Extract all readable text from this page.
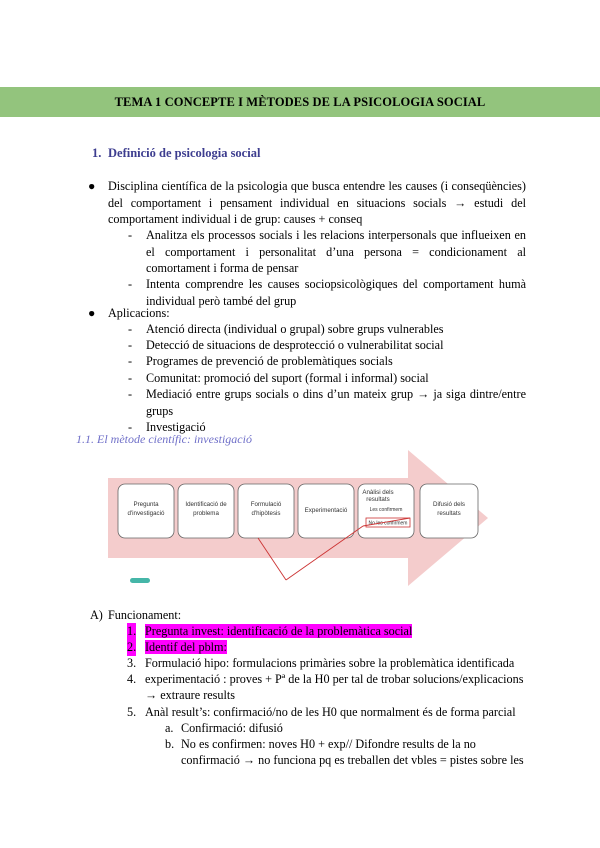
TEMA 1 CONCEPTE I MÈTODES DE LA PSICOLOGIA SOCIAL
1. Definició de psicologia social
● Disciplina científica de la psicologia que busca entendre les causes (i conseqüències) del comportament i pensament individual en situacions socials → estudi del comportament individual i de grup: causes + conseq
- Analitza els processos socials i les relacions interpersonals que influeixen en el comportament i personalitat d’una persona = condicionament al comortament i forma de pensar
- Intenta comprendre les causes sociopsicològiques del comportament humà individual però també del grup
● Aplicacions:
- Atenció directa (individual o grupal) sobre grups vulnerables
- Detecció de situacions de desprotecció o vulnerabilitat social
- Programes de prevenció de problemàtiques socials
- Comunitat: promoció del suport (formal i informal) social
- Mediació entre grups socials o dins d’un mateix grup → ja siga dintre/entre grups
- Investigació
1.1. El mètode científic: investigació
Pregunta
d'investigació
Identificació de
problema
Formulació
d'hipòtesis	Experimentació
Anàlisi dels
resultats
Les confirmem
No les confirmem
Difusió dels
resultats
A) Funcionament:
1. Pregunta invest: identificació de la problemàtica social
2. Identif del pblm:
3. Formulació hipo: formulacions primàries sobre la problemàtica identificada
4. experimentació : proves + Pª de la H0 per tal de trobar solucions/explicacions
→ extraure results
5. Anàl result’s: confirmació/no de les H0 que normalment és de forma parcial
a. Confirmació: difusió
b. No es confirmen: noves H0 + exp// Difondre results de la no
confirmació → no funciona pq es treballen det vbles = pistes sobre les
